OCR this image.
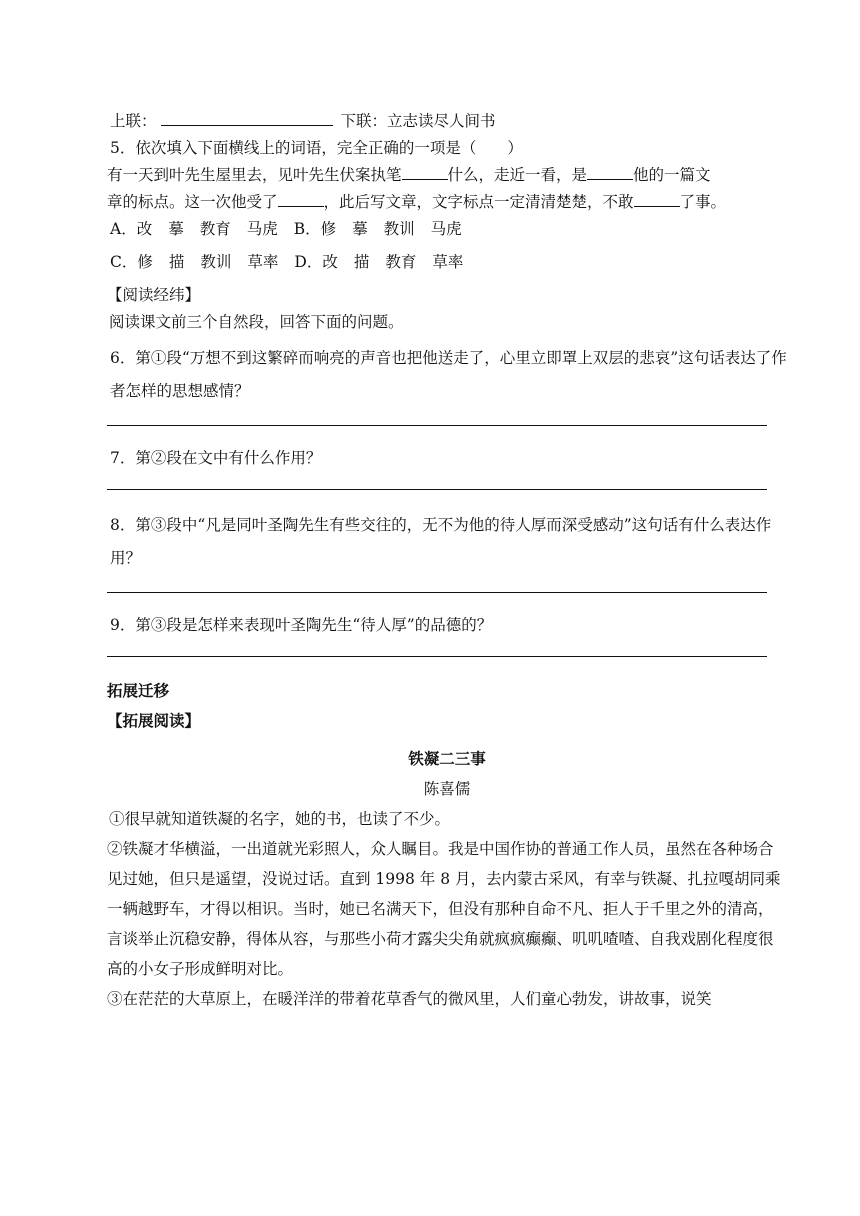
上联：	下联：立志读尽人间书

5．依次填入下面横线上的词语，完全正确的一项是（　　）

有一天到叶先生屋里去，见叶先生伏案执笔	什么，走近一看，是	他的一篇文

章的标点。这一次他受了	，此后写文章，文字标点一定清清楚楚，不敢	了事。

A．改 摹 教育 马虎 B．修 摹 教训 马虎

C．修 描 教训 草率 D．改 描 教育 草率

【阅读经纬】

阅读课文前三个自然段，回答下面的问题。

6．第①段“万想不到这繁碎而响亮的声音也把他送走了，心里立即罩上双层的悲哀”这句话表达了作者怎样的思想感情？

7．第②段在文中有什么作用？

8．第③段中“凡是同叶圣陶先生有些交往的，无不为他的待人厚而深受感动”这句话有什么表达作用？

9．第③段是怎样来表现叶圣陶先生“待人厚”的品德的？

拓展迁移

【拓展阅读】

铁凝二三事

陈喜儒

①很早就知道铁凝的名字，她的书，也读了不少。

②铁凝才华横溢，一出道就光彩照人，众人瞩目。我是中国作协的普通工作人员，虽然在各种场合见过她，但只是遥望，没说过话。直到 1998 年 8 月，去内蒙古采风，有幸与铁凝、扎拉嘎胡同乘一辆越野车，才得以相识。当时，她已名满天下，但没有那种自命不凡、拒人于千里之外的清高，言谈举止沉稳安静，得体从容，与那些小荷才露尖尖角就疯疯癫癫、叽叽喳喳、自我戏剧化程度很高的小女子形成鲜明对比。

③在茫茫的大草原上，在暖洋洋的带着花草香气的微风里，人们童心勃发，讲故事，说笑
